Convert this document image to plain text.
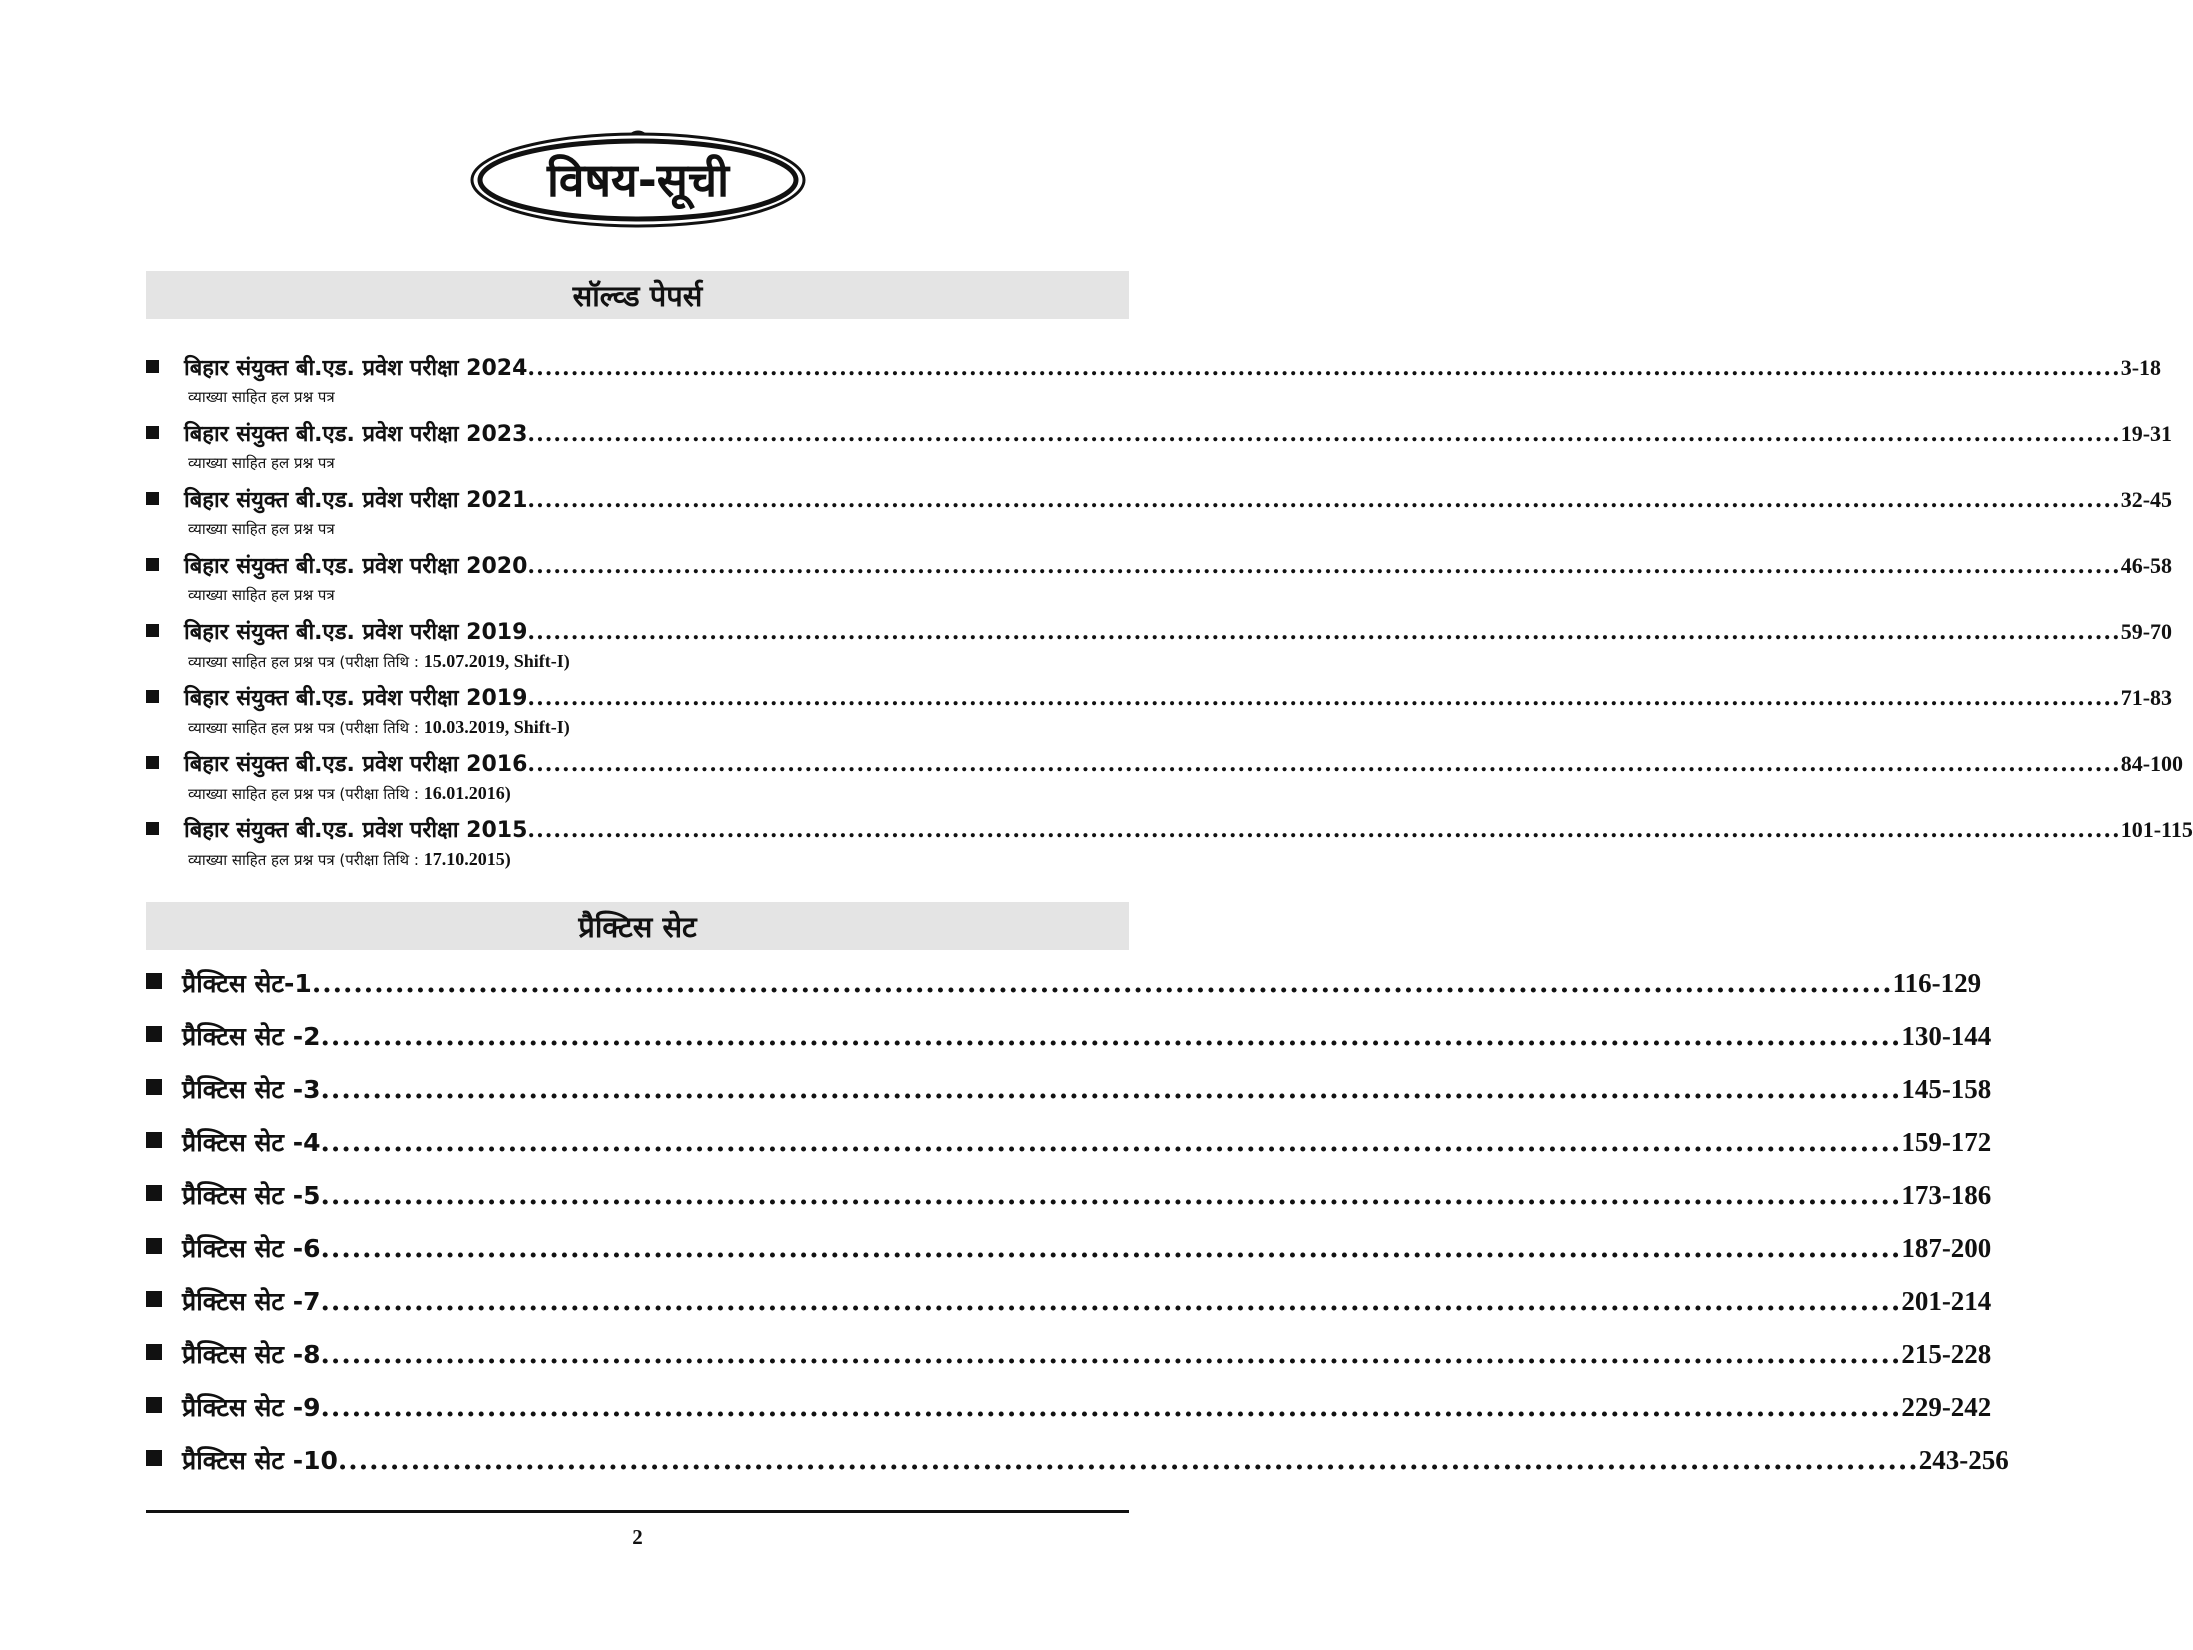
विषय-सूची
सॉल्व्ड पेपर्स
बिहार संयुक्त बी.एड. प्रवेश परीक्षा 2024 ........................................................................................................................................................................................ 3-18
व्याख्या साहित हल प्रश्न पत्र
बिहार संयुक्त बी.एड. प्रवेश परीक्षा 2023 ........................................................................................................................................................................................ 19-31
व्याख्या साहित हल प्रश्न पत्र
बिहार संयुक्त बी.एड. प्रवेश परीक्षा 2021 ........................................................................................................................................................................................ 32-45
व्याख्या साहित हल प्रश्न पत्र
बिहार संयुक्त बी.एड. प्रवेश परीक्षा 2020 ........................................................................................................................................................................................ 46-58
व्याख्या साहित हल प्रश्न पत्र
बिहार संयुक्त बी.एड. प्रवेश परीक्षा 2019 ........................................................................................................................................................................................ 59-70
व्याख्या साहित हल प्रश्न पत्र (परीक्षा तिथि : 15.07.2019, Shift-I)
बिहार संयुक्त बी.एड. प्रवेश परीक्षा 2019 ........................................................................................................................................................................................ 71-83
व्याख्या साहित हल प्रश्न पत्र (परीक्षा तिथि : 10.03.2019, Shift-I)
बिहार संयुक्त बी.एड. प्रवेश परीक्षा 2016 ........................................................................................................................................................................................ 84-100
व्याख्या साहित हल प्रश्न पत्र (परीक्षा तिथि : 16.01.2016)
बिहार संयुक्त बी.एड. प्रवेश परीक्षा 2015 ........................................................................................................................................................................................ 101-115
व्याख्या साहित हल प्रश्न पत्र (परीक्षा तिथि : 17.10.2015)
प्रैक्टिस सेट
प्रैक्टिस सेट-1 ........................................................................................................................................................ 116-129
प्रैक्टिस सेट -2 ........................................................................................................................................................ 130-144
प्रैक्टिस सेट -3 ........................................................................................................................................................ 145-158
प्रैक्टिस सेट -4 ........................................................................................................................................................ 159-172
प्रैक्टिस सेट -5 ........................................................................................................................................................ 173-186
प्रैक्टिस सेट -6 ........................................................................................................................................................ 187-200
प्रैक्टिस सेट -7 ........................................................................................................................................................ 201-214
प्रैक्टिस सेट -8 ........................................................................................................................................................ 215-228
प्रैक्टिस सेट -9 ........................................................................................................................................................ 229-242
प्रैक्टिस सेट -10 ........................................................................................................................................................ 243-256
2
